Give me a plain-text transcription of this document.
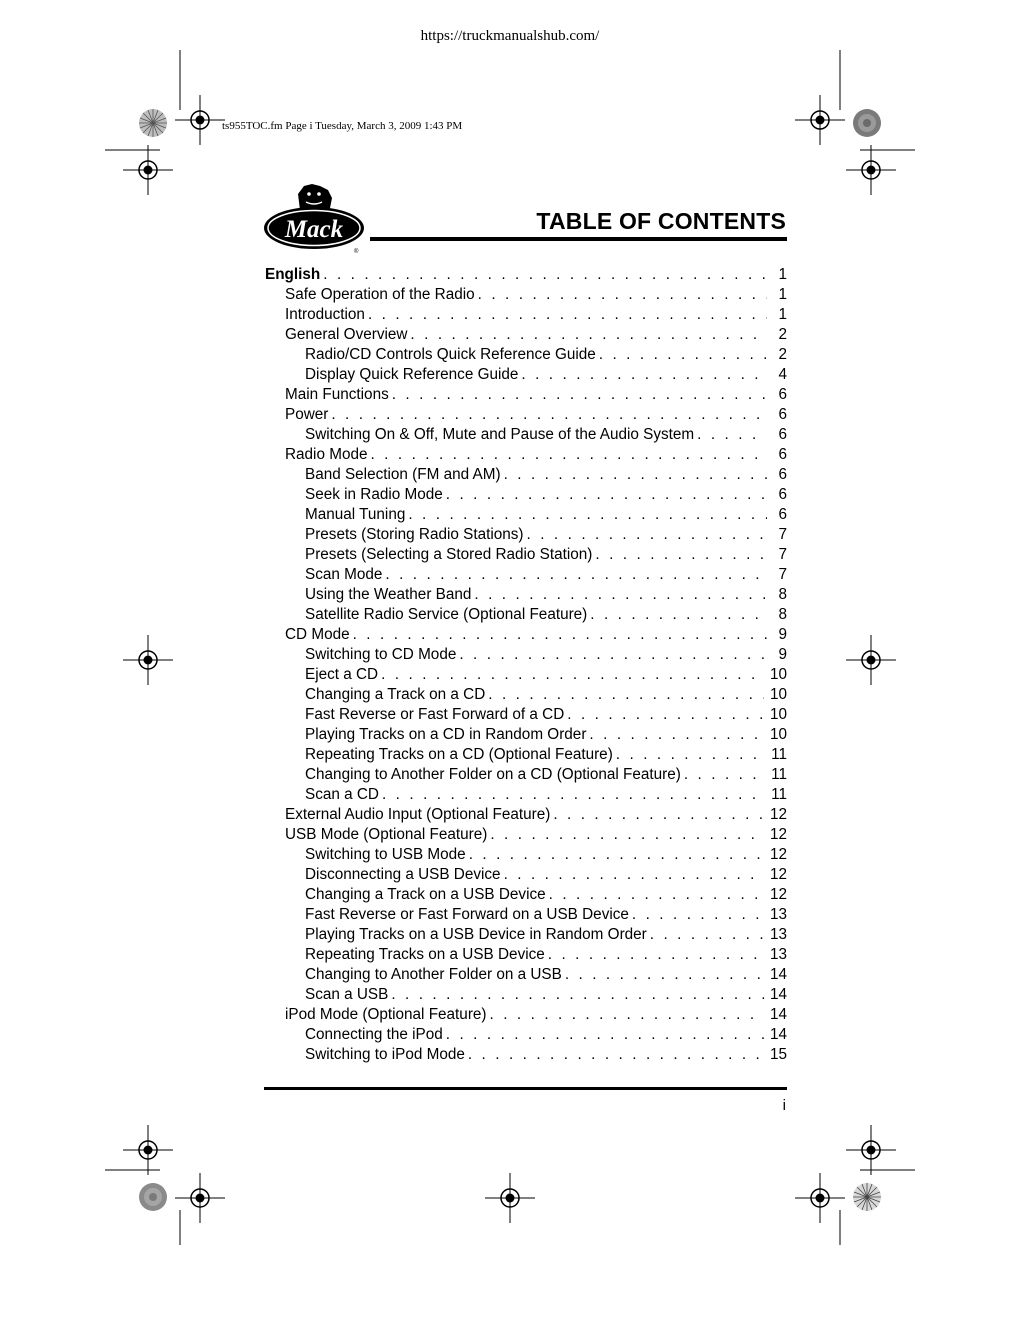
https://truckmanualshub.com/
ts955TOC.fm Page i Tuesday, March 3, 2009 1:43 PM
Mack
®
TABLE OF CONTENTS
English . . .	1
Safe Operation of the Radio . . .	1
Introduction . . .	1
General Overview . . .	2
Radio/CD Controls Quick Reference Guide . . .	2
Display Quick Reference Guide . . .	4
Main Functions . . .	6
Power . . .	6
Switching On & Off, Mute and Pause of the Audio System . . .	6
Radio Mode . . .	6
Band Selection (FM and AM) . . .	6
Seek in Radio Mode . . .	6
Manual Tuning . . .	6
Presets (Storing Radio Stations) . . .	7
Presets (Selecting a Stored Radio Station) . . .	7
Scan Mode . . .	7
Using the Weather Band . . .	8
Satellite Radio Service (Optional Feature) . . .	8
CD Mode . . .	9
Switching to CD Mode . . .	9
Eject a CD . . .	10
Changing a Track on a CD . . .	10
Fast Reverse or Fast Forward of a CD . . .	10
Playing Tracks on a CD in Random Order . . .	10
Repeating Tracks on a CD (Optional Feature) . . .	11
Changing to Another Folder on a CD (Optional Feature) . . .	11
Scan a CD . . .	11
External Audio Input (Optional Feature) . . .	12
USB Mode (Optional Feature) . . .	12
Switching to USB Mode . . .	12
Disconnecting a USB Device . . .	12
Changing a Track on a USB Device . . .	12
Fast Reverse or Fast Forward on a USB Device . . .	13
Playing Tracks on a USB Device in Random Order . . .	13
Repeating Tracks on a USB Device . . .	13
Changing to Another Folder on a USB . . .	14
Scan a USB . . .	14
iPod Mode (Optional Feature) . . .	14
Connecting the iPod . . .	14
Switching to iPod Mode . . .	15
i
